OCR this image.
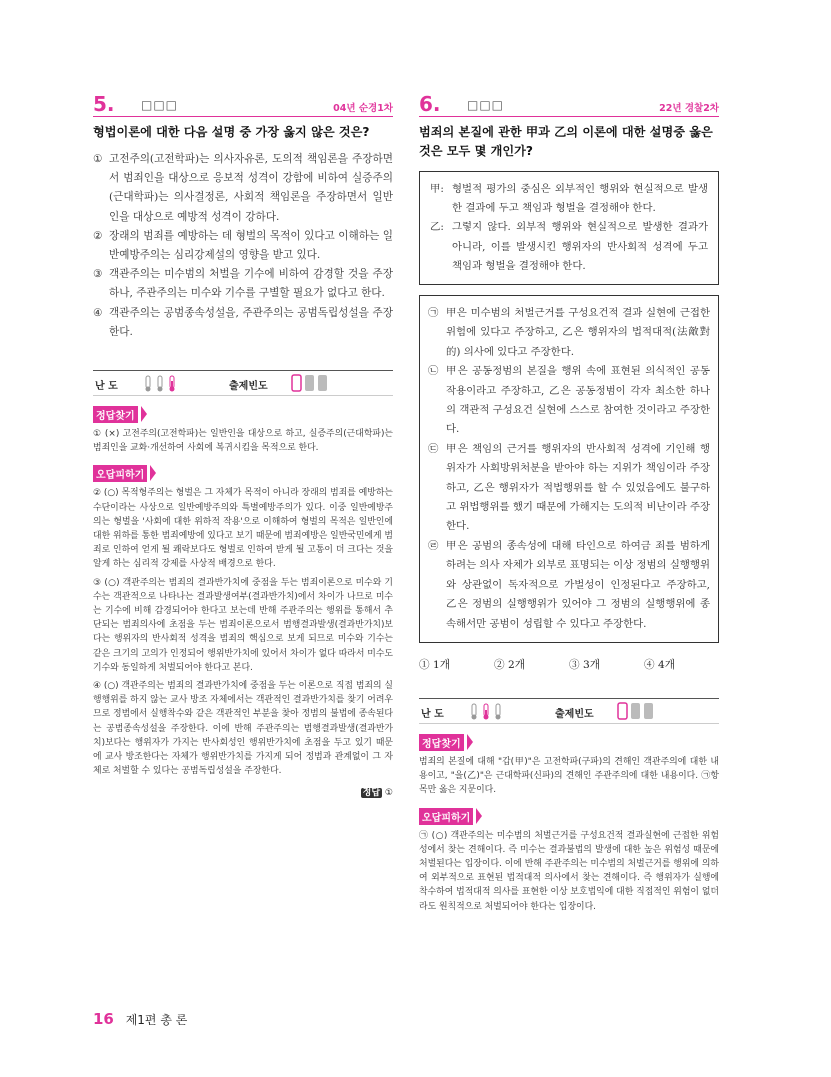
5. □□□	04년 순경1차
형법이론에 대한 다음 설명 중 가장 옳지 않은 것은?
① 고전주의(고전학파)는 의사자유론, 도의적 책임론을 주장하면서 범죄인을 대상으로 응보적 성격이 강함에 비하여 실증주의(근대학파)는 의사결정론, 사회적 책임론을 주장하면서 일반인을 대상으로 예방적 성격이 강하다.
② 장래의 범죄를 예방하는 데 형벌의 목적이 있다고 이해하는 일반예방주의는 심리강제설의 영향을 받고 있다.
③ 객관주의는 미수범의 처벌을 기수에 비하여 감경할 것을 주장하나, 주관주의는 미수와 기수를 구별할 필요가 없다고 한다.
④ 객관주의는 공범종속성설을, 주관주의는 공범독립성설을 주장한다.
난 도	출제빈도
정답찾기
① (×) 고전주의(고전학파)는 일반인을 대상으로 하고, 실증주의(근대학파)는 범죄인을 교화·개선하여 사회에 복귀시킴을 목적으로 한다.
오답피하기
② (○) 목적형주의는 형벌은 그 자체가 목적이 아니라 장래의 범죄를 예방하는 수단이라는 사상으로 일반예방주의와 특별예방주의가 있다. 이중 일반예방주의는 형벌을 '사회에 대한 위하적 작용'으로 이해하여 형벌의 목적은 일반인에 대한 위하를 통한 범죄예방에 있다고 보기 때문에 범죄예방은 일반국민에게 범죄로 인하여 얻게 될 쾌락보다도 형벌로 인하여 받게 될 고통이 더 크다는 것을 알게 하는 심리적 강제를 사상적 배경으로 한다.
③ (○) 객관주의는 범죄의 결과반가치에 중점을 두는 범죄이론으로 미수와 기수는 객관적으로 나타나는 결과발생여부(결과반가치)에서 차이가 나므로 미수는 기수에 비해 감경되어야 한다고 보는데 반해 주관주의는 행위를 통해서 추단되는 범죄의사에 초점을 두는 범죄이론으로서 범행결과발생(결과반가치)보다는 행위자의 반사회적 성격을 범죄의 핵심으로 보게 되므로 미수와 기수는 같은 크기의 고의가 인정되어 행위반가치에 있어서 차이가 없다 따라서 미수도 기수와 동일하게 처벌되어야 한다고 본다.
④ (○) 객관주의는 범죄의 결과반가치에 중점을 두는 이론으로 직접 범죄의 실행행위를 하지 않는 교사 방조 자체에서는 객관적인 결과반가치를 찾기 어려우므로 정범에서 실행착수와 같은 객관적인 부분을 찾아 정범의 불법에 종속된다는 공범종속성설을 주장한다. 이에 반해 주관주의는 범행결과발생(결과반가치)보다는 행위자가 가지는 반사회성인 행위반가치에 초점을 두고 있기 때문에 교사 방조한다는 자체가 행위반가치를 가지게 되어 정범과 관계없이 그 자체로 처벌할 수 있다는 공범독립성설을 주장한다.
정답 ①
6. □□□	22년 경찰2차
범죄의 본질에 관한 甲과 乙의 이론에 대한 설명중 옳은 것은 모두 몇 개인가?
甲: 형벌적 평가의 중심은 외부적인 행위와 현실적으로 발생한 결과에 두고 책임과 형벌을 결정해야 한다.
乙: 그렇지 않다. 외부적 행위와 현실적으로 발생한 결과가 아니라, 이를 발생시킨 행위자의 반사회적 성격에 두고 책임과 형벌을 결정해야 한다.
㉠ 甲은 미수범의 처벌근거를 구성요건적 결과 실현에 근접한 위험에 있다고 주장하고, 乙은 행위자의 법적대적(法敵對的) 의사에 있다고 주장한다.
㉡ 甲은 공동정범의 본질을 행위 속에 표현된 의식적인 공동작용이라고 주장하고, 乙은 공동정범이 각자 최소한 하나의 객관적 구성요건 실현에 스스로 참여한 것이라고 주장한다.
㉢ 甲은 책임의 근거를 행위자의 반사회적 성격에 기인해 행위자가 사회방위처분을 받아야 하는 지위가 책임이라 주장하고, 乙은 행위자가 적법행위를 할 수 있었음에도 불구하고 위법행위를 했기 때문에 가해지는 도의적 비난이라 주장한다.
㉣ 甲은 공범의 종속성에 대해 타인으로 하여금 죄를 범하게 하려는 의사 자체가 외부로 표명되는 이상 정범의 실행행위와 상관없이 독자적으로 가벌성이 인정된다고 주장하고, 乙은 정범의 실행행위가 있어야 그 정범의 실행행위에 종속해서만 공범이 성립할 수 있다고 주장한다.
① 1개	② 2개	③ 3개	④ 4개
난 도	출제빈도
정답찾기
범죄의 본질에 대해 "갑(甲)"은 고전학파(구파)의 견해인 객관주의에 대한 내용이고, "을(乙)"은 근대학파(신파)의 견해인 주관주의에 대한 내용이다. ㉠항목만 옳은 지문이다.
오답피하기
㉠ (○) 객관주의는 미수범의 처벌근거를 구성요건적 결과실현에 근접한 위험성에서 찾는 견해이다. 즉 미수는 결과불법의 발생에 대한 높은 위험성 때문에 처벌된다는 입장이다. 이에 반해 주관주의는 미수범의 처벌근거를 행위에 의하여 외부적으로 표현된 법적대적 의사에서 찾는 견해이다. 즉 행위자가 실행에 착수하여 법적대적 의사를 표현한 이상 보호법익에 대한 직접적인 위험이 없더라도 원칙적으로 처벌되어야 한다는 입장이다.
16 제1편 총 론
